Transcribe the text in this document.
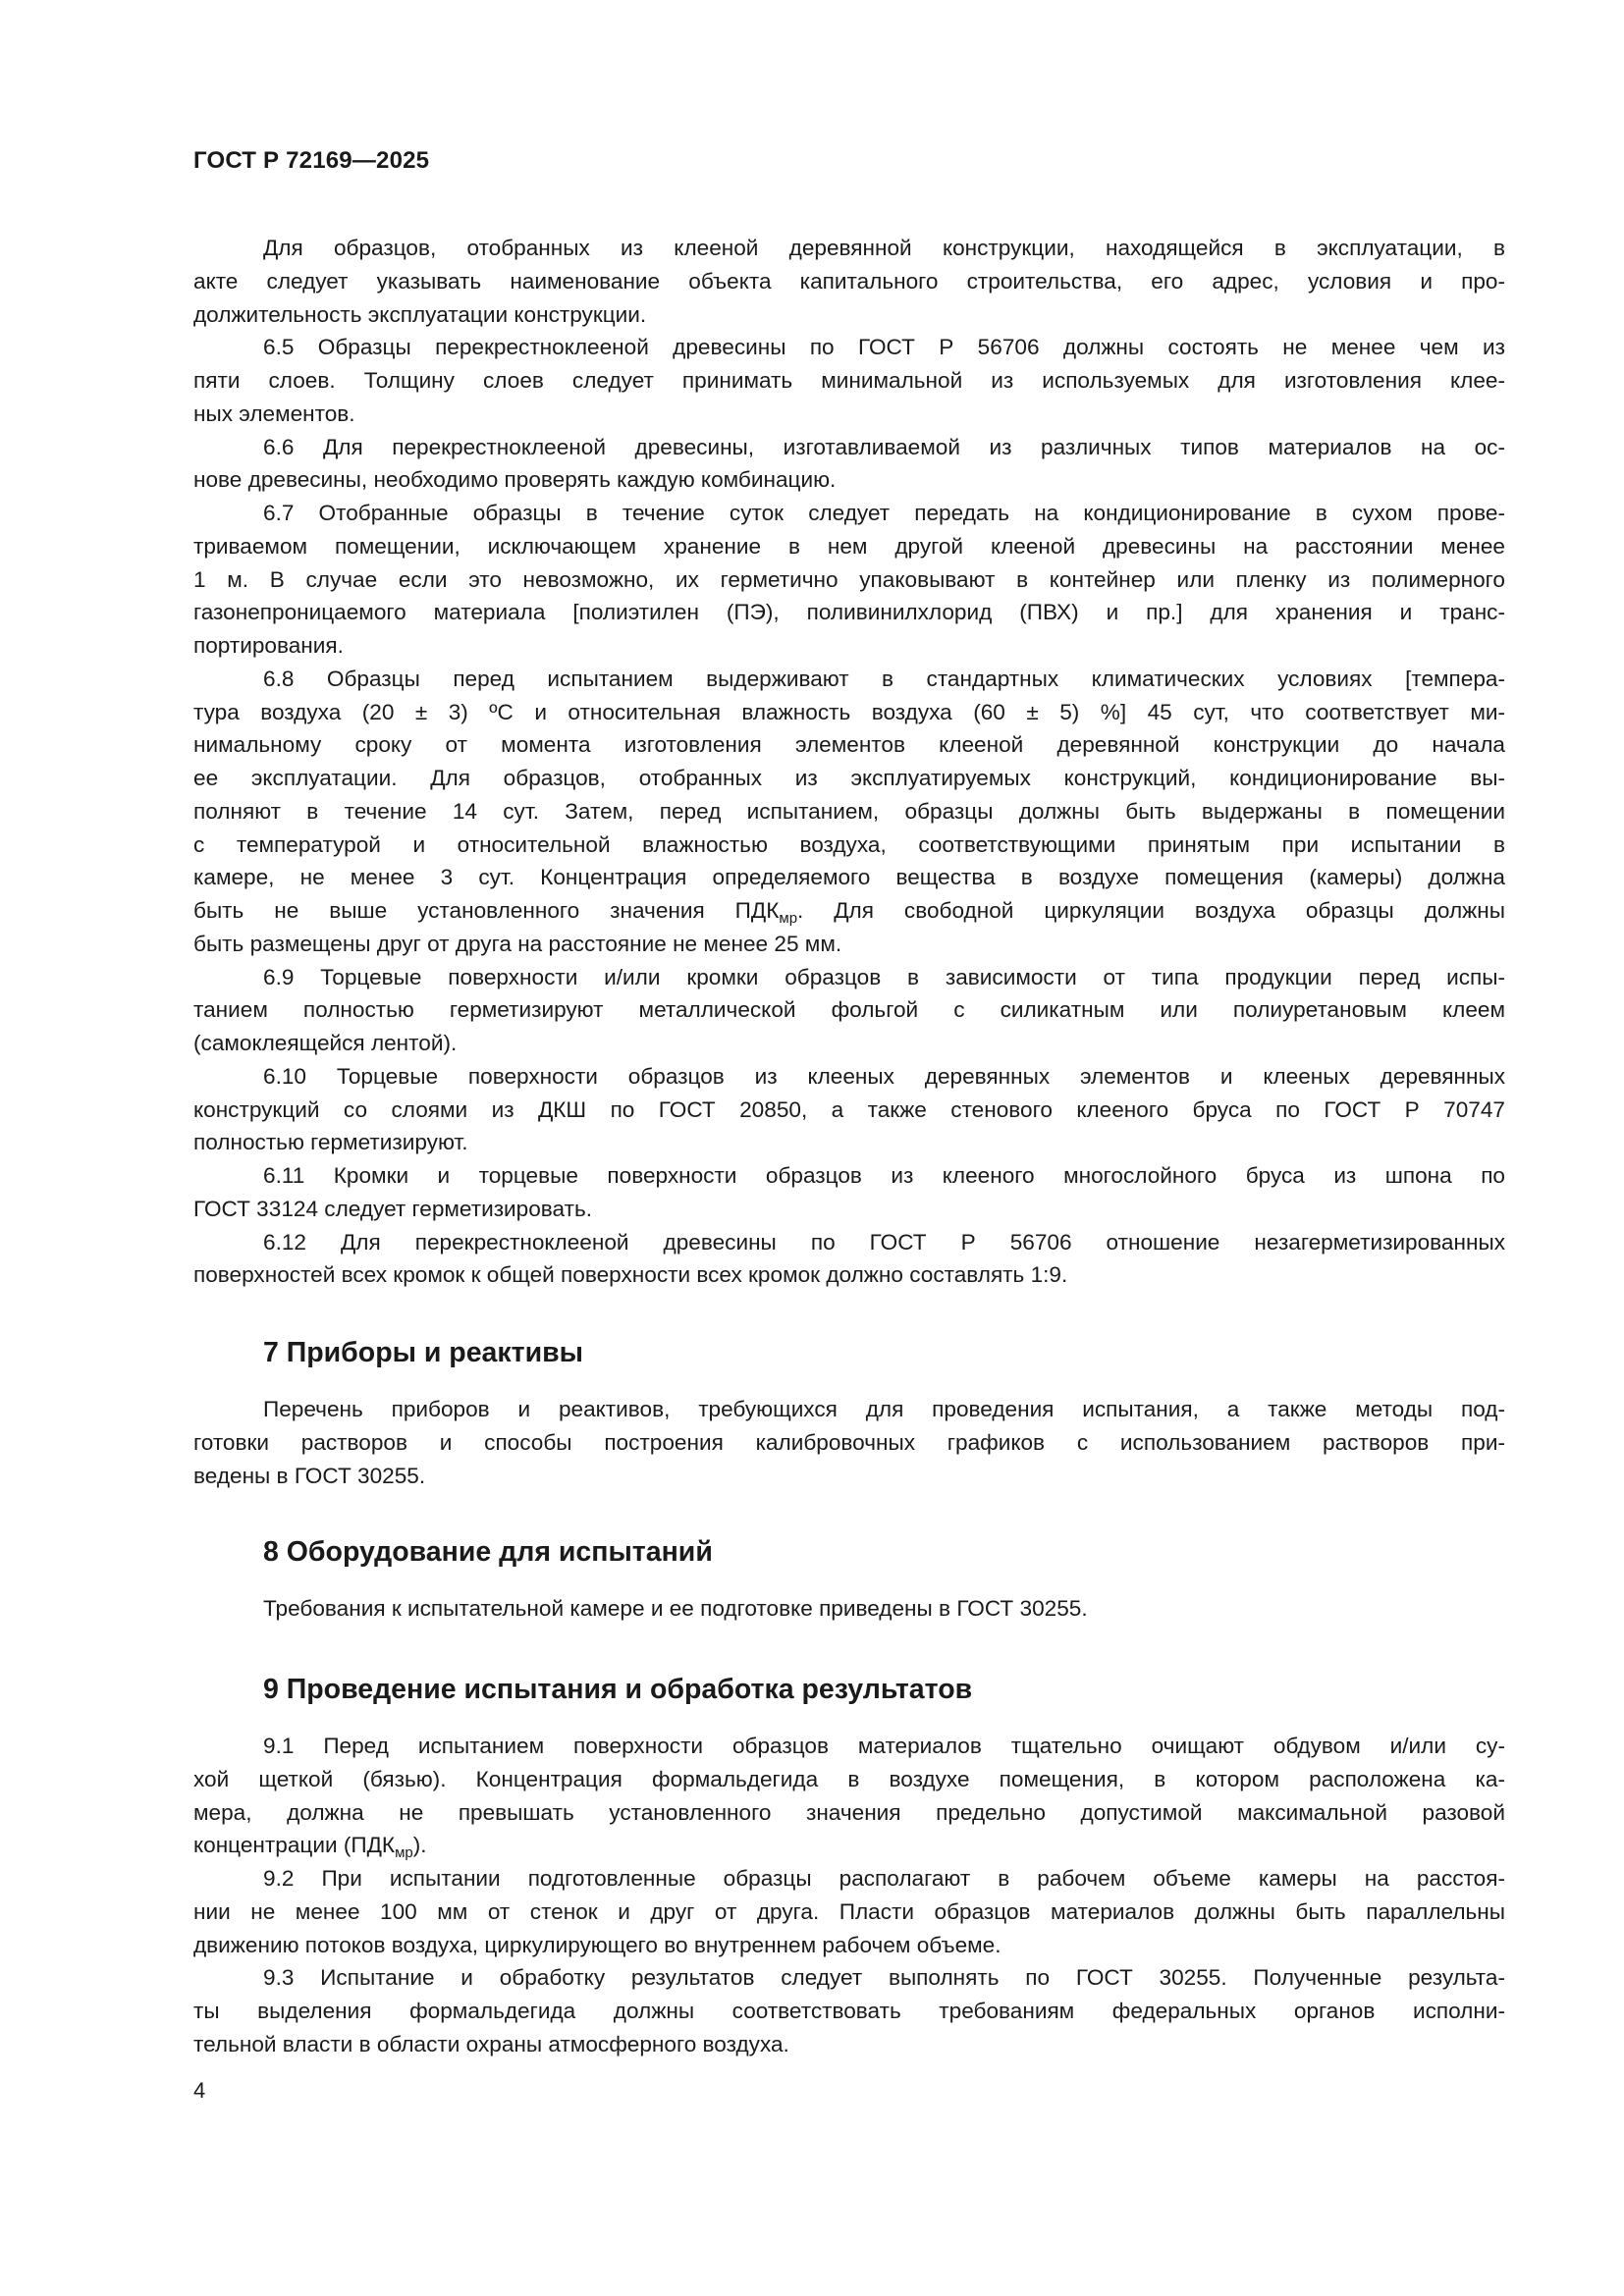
ГОСТ Р 72169—2025
Для образцов, отобранных из клееной деревянной конструкции, находящейся в эксплуатации, в
акте следует указывать наименование объекта капитального строительства, его адрес, условия и про-
должительность эксплуатации конструкции.
6.5 Образцы перекрестноклееной древесины по ГОСТ Р 56706 должны состоять не менее чем из
пяти слоев. Толщину слоев следует принимать минимальной из используемых для изготовления клее-
ных элементов.
6.6 Для перекрестноклееной древесины, изготавливаемой из различных типов материалов на ос-
нове древесины, необходимо проверять каждую комбинацию.
6.7 Отобранные образцы в течение суток следует передать на кондиционирование в сухом прове-
триваемом помещении, исключающем хранение в нем другой клееной древесины на расстоянии менее
1 м. В случае если это невозможно, их герметично упаковывают в контейнер или пленку из полимерного
газонепроницаемого материала [полиэтилен (ПЭ), поливинилхлорид (ПВХ) и пр.] для хранения и транс-
портирования.
6.8 Образцы перед испытанием выдерживают в стандартных климатических условиях [темпера-
тура воздуха (20 ± 3) ºС и относительная влажность воздуха (60 ± 5) %] 45 сут, что соответствует ми-
нимальному сроку от момента изготовления элементов клееной деревянной конструкции до начала
ее эксплуатации. Для образцов, отобранных из эксплуатируемых конструкций, кондиционирование вы-
полняют в течение 14 сут. Затем, перед испытанием, образцы должны быть выдержаны в помещении
с температурой и относительной влажностью воздуха, соответствующими принятым при испытании в
камере, не менее 3 сут. Концентрация определяемого вещества в воздухе помещения (камеры) должна
быть не выше установленного значения $ПДК_{мр}$. Для свободной циркуляции воздуха образцы должны
быть размещены друг от друга на расстояние не менее 25 мм.
6.9 Торцевые поверхности и/или кромки образцов в зависимости от типа продукции перед испы-
танием полностью герметизируют металлической фольгой с силикатным или полиуретановым клеем
(самоклеящейся лентой).
6.10 Торцевые поверхности образцов из клееных деревянных элементов и клееных деревянных
конструкций со слоями из ДКШ по ГОСТ 20850, а также стенового клееного бруса по ГОСТ Р 70747
полностью герметизируют.
6.11 Кромки и торцевые поверхности образцов из клееного многослойного бруса из шпона по
ГОСТ 33124 следует герметизировать.
6.12 Для перекрестноклееной древесины по ГОСТ Р 56706 отношение незагерметизированных
поверхностей всех кромок к общей поверхности всех кромок должно составлять 1:9.
7 Приборы и реактивы
Перечень приборов и реактивов, требующихся для проведения испытания, а также методы под-
готовки растворов и способы построения калибровочных графиков с использованием растворов при-
ведены в ГОСТ 30255.
8 Оборудование для испытаний
Требования к испытательной камере и ее подготовке приведены в ГОСТ 30255.
9 Проведение испытания и обработка результатов
9.1 Перед испытанием поверхности образцов материалов тщательно очищают обдувом и/или су-
хой щеткой (бязью). Концентрация формальдегида в воздухе помещения, в котором расположена ка-
мера, должна не превышать установленного значения предельно допустимой максимальной разовой
концентрации $(ПДК_{мр})$.
9.2 При испытании подготовленные образцы располагают в рабочем объеме камеры на расстоя-
нии не менее 100 мм от стенок и друг от друга. Пласти образцов материалов должны быть параллельны
движению потоков воздуха, циркулирующего во внутреннем рабочем объеме.
9.3 Испытание и обработку результатов следует выполнять по ГОСТ 30255. Полученные результа-
ты выделения формальдегида должны соответствовать требованиям федеральных органов исполни-
тельной власти в области охраны атмосферного воздуха.
4
